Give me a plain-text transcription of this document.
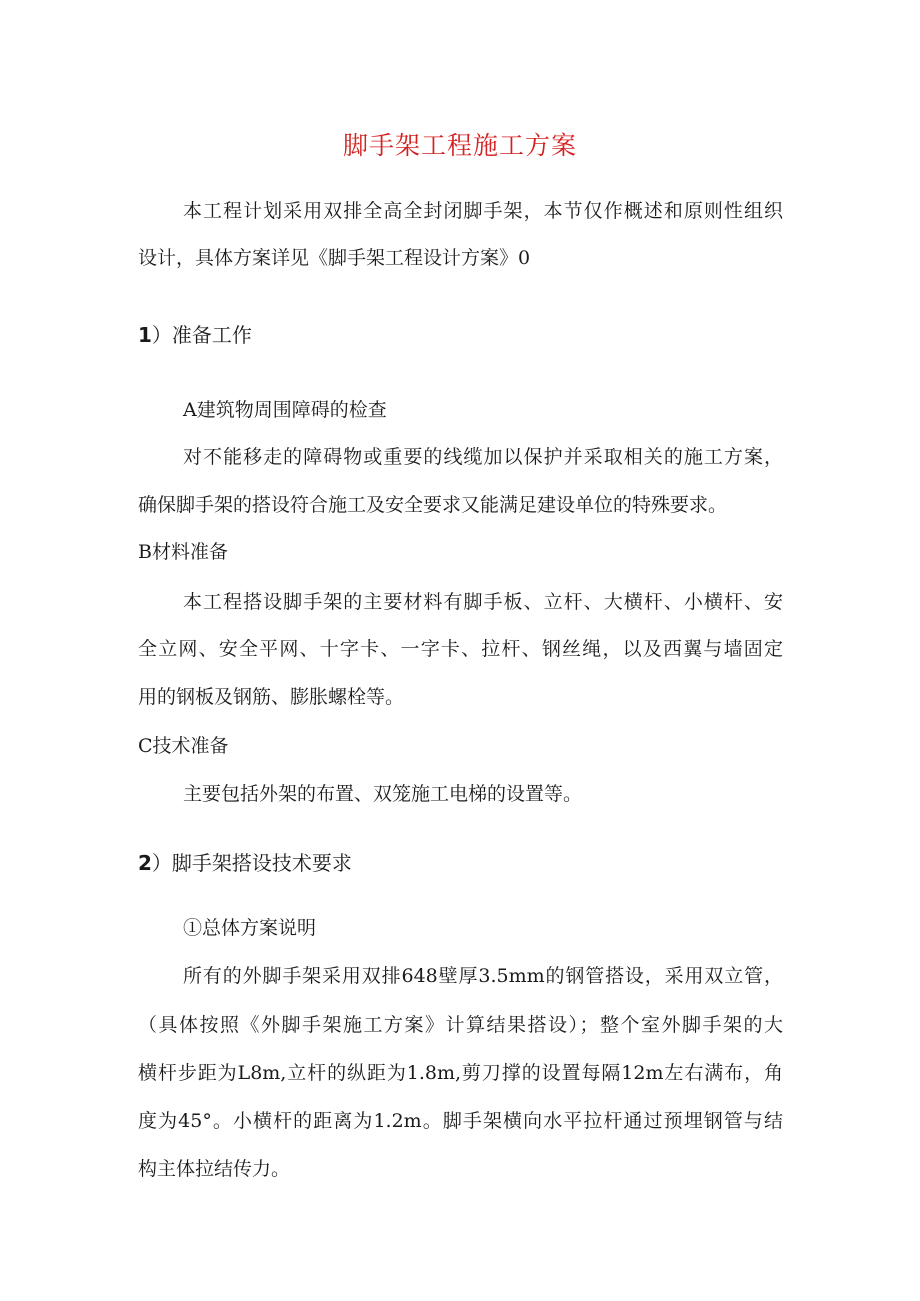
脚手架工程施工方案
本工程计划采用双排全高全封闭脚手架，本节仅作概述和原则性组织
设计，具体方案详见《脚手架工程设计方案》0
1）准备工作
A建筑物周围障碍的检查
对不能移走的障碍物或重要的线缆加以保护并采取相关的施工方案，
确保脚手架的搭设符合施工及安全要求又能满足建设单位的特殊要求。
B材料准备
本工程搭设脚手架的主要材料有脚手板、立杆、大横杆、小横杆、安
全立网、安全平网、十字卡、一字卡、拉杆、钢丝绳，以及西翼与墙固定
用的钢板及钢筋、膨胀螺栓等。
C技术准备
主要包括外架的布置、双笼施工电梯的设置等。
2）脚手架搭设技术要求
①总体方案说明
所有的外脚手架采用双排648壁厚3.5mm的钢管搭设，采用双立管，
（具体按照《外脚手架施工方案》计算结果搭设）；整个室外脚手架的大
横杆步距为L8m,立杆的纵距为1.8m,剪刀撑的设置每隔12m左右满布，角
度为45°。小横杆的距离为1.2m。脚手架横向水平拉杆通过预埋钢管与结
构主体拉结传力。
